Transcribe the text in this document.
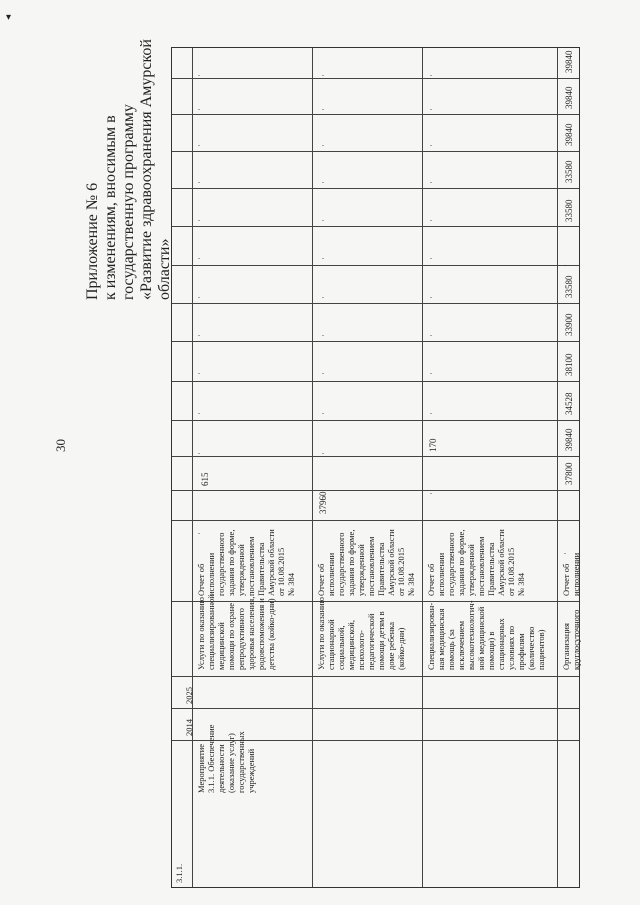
30
Приложение № 6 к изменениям, вносимым в государственную программу «Развитие здравоохранения Амурской области»
▾
3.1.1.
Мероприятие 3.1.1. Обеспечение деятельности (оказание услуг) государственных учреждений
2014
2025
Услуги по оказанию специализированной медицинской помощи по охране репродуктивного здоровья населения, родовспоможения и детства (койко-дни)
Отчет об исполнении государственного задания по форме, утвержденной постановлением Правительства Амурской области от 10.08.2015 № 384
615
Услуги по оказанию стационарной социальной, медицинской, психолого- педагогической помощи детям в доме ребенка (койко-дни)
Отчет об исполнении государственного задания по форме, утвержденной постановлением Правительства Амурской области от 10.08.2015 № 384
37960
Специализирован- ная медицинская помощь (за исключением высокотехнологич- ной медицинской помощи) в стационарных условиях по профилям (количество пациентов)
Отчет об исполнении государственного задания по форме, утвержденной постановлением Правительства Амурской области от 10.08.2015 № 384
170
Организация круглосуточного
Отчет об исполнении
37800
39840
34528
38100
33900
33580
33580
33580
39840
39840
39840
.
.
.
.
.
.
.
.
.
.
.
.
.
.
.
.
.
.
.
.
.
.
.
.
.
.
.
.
.
.
.
.
.
.
.
.
